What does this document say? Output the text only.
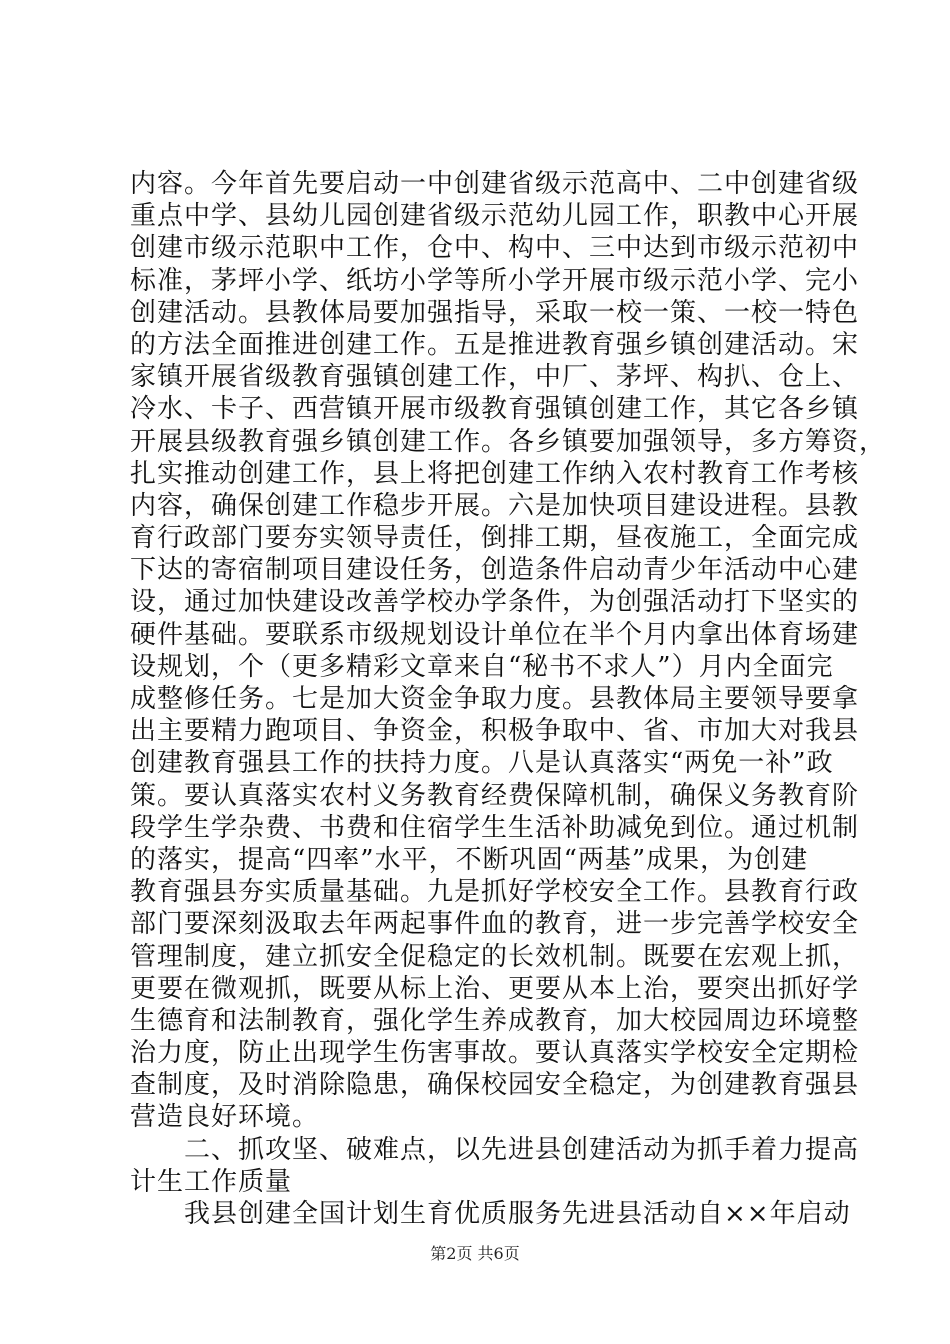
内容。今年首先要启动一中创建省级示范高中、二中创建省级
重点中学、县幼儿园创建省级示范幼儿园工作，职教中心开展
创建市级示范职中工作，仓中、构中、三中达到市级示范初中
标准，茅坪小学、纸坊小学等所小学开展市级示范小学、完小
创建活动。县教体局要加强指导，采取一校一策、一校一特色
的方法全面推进创建工作。五是推进教育强乡镇创建活动。宋
家镇开展省级教育强镇创建工作，中厂、茅坪、构扒、仓上、
冷水、卡子、西营镇开展市级教育强镇创建工作，其它各乡镇
开展县级教育强乡镇创建工作。各乡镇要加强领导，多方筹资，
扎实推动创建工作，县上将把创建工作纳入农村教育工作考核
内容，确保创建工作稳步开展。六是加快项目建设进程。县教
育行政部门要夯实领导责任，倒排工期，昼夜施工，全面完成
下达的寄宿制项目建设任务，创造条件启动青少年活动中心建
设，通过加快建设改善学校办学条件，为创强活动打下坚实的
硬件基础。要联系市级规划设计单位在半个月内拿出体育场建
设规划，个（更多精彩文章来自“秘书不求人”）月内全面完
成整修任务。七是加大资金争取力度。县教体局主要领导要拿
出主要精力跑项目、争资金，积极争取中、省、市加大对我县
创建教育强县工作的扶持力度。八是认真落实“两免一补”政
策。要认真落实农村义务教育经费保障机制，确保义务教育阶
段学生学杂费、书费和住宿学生生活补助减免到位。通过机制
的落实，提高“四率”水平，不断巩固“两基”成果，为创建
教育强县夯实质量基础。九是抓好学校安全工作。县教育行政
部门要深刻汲取去年两起事件血的教育，进一步完善学校安全
管理制度，建立抓安全促稳定的长效机制。既要在宏观上抓，
更要在微观抓，既要从标上治、更要从本上治，要突出抓好学
生德育和法制教育，强化学生养成教育，加大校园周边环境整
治力度，防止出现学生伤害事故。要认真落实学校安全定期检
查制度，及时消除隐患，确保校园安全稳定，为创建教育强县
营造良好环境。
二、抓攻坚、破难点，以先进县创建活动为抓手着力提高
计生工作质量
我县创建全国计划生育优质服务先进县活动自××年启动
第2页 共6页
